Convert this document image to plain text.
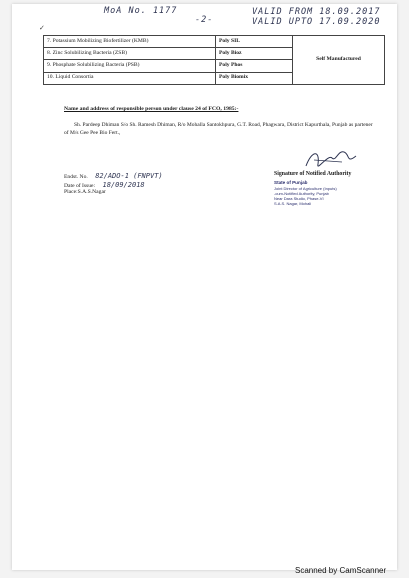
MoA No. 1177
-2-
VALID FROM 18.09.2017
VALID UPTO 17.09.2020
✓
7. Potassium Mobilizing Biofertilizer (KMB)	Poly SIL	Self Manufactured
8. Zinc Solubilizing Bacteria (ZSB)	Poly Bioz	
9. Phosphate Solubilizing Bacteria (PSB)	Poly Phos	
10. Liquid Consortia	Poly Biomix	
Name and address of responsible person under clause 24 of FCO, 1985:-
Sh. Pardeep Dhiman S/o Sh. Ramesh Dhiman, R/o Mohalla Santokhpura, G.T. Road, Phagwara, District Kapurthala, Punjab as partener of M/s Gee Pee Bio Fert.,
Endst. No. 82/ADO-1 (FNPVT)
Date of Issue: 18/09/2018
Place:S.A.S.Nagar
Signature of Notified Authority
State of Punjab
Joint Director of Agriculture (Inputs)
-cum-Notified Authority, Punjab
Near Dara Studio, Phase-VI
S.A.S. Nagar, Mohali
Scanned by CamScanner
